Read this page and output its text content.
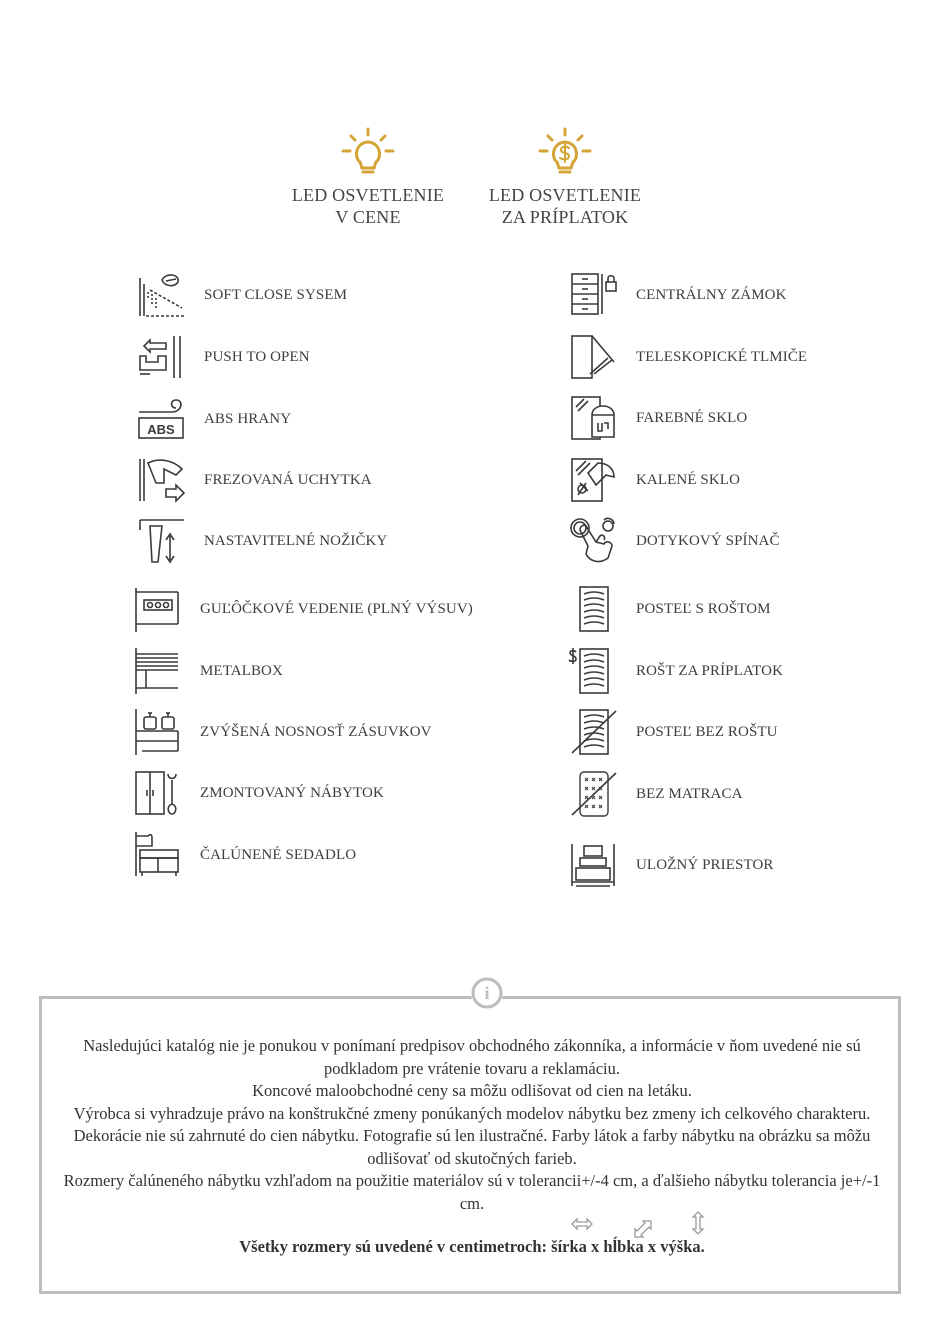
LED OSVETLENIE
V CENE
LED OSVETLENIE
ZA PRÍPLATOK
SOFT CLOSE SYSEM
PUSH TO OPEN
ABS
ABS HRANY
FREZOVANÁ UCHYTKA
NASTAVITELNÉ NOŽIČKY
GUĽÔČKOVÉ VEDENIE (PLNÝ VÝSUV)
METALBOX
ZVÝŠENÁ NOSNOSŤ ZÁSUVKOV
ZMONTOVANÝ NÁBYTOK
ČALÚNENÉ SEDADLO
CENTRÁLNY ZÁMOK
TELESKOPICKÉ TLMIČE
FAREBNÉ SKLO
KALENÉ SKLO
DOTYKOVÝ SPÍNAČ
POSTEĽ S ROŠTOM
ROŠT ZA PRÍPLATOK
POSTEĽ BEZ ROŠTU
BEZ MATRACA
ULOŽNÝ PRIESTOR
i

Nasledujúci katalóg nie je ponukou v ponímaní predpisov obchodného zákonníka, a informácie v ňom uvedené nie sú podkladom pre vrátenie tovaru a reklamáciu.

Koncové maloobchodné ceny sa môžu odlišovat od cien na letáku.

Výrobca si vyhradzuje právo na konštrukčné zmeny ponúkaných modelov nábytku bez zmeny ich celkového charakteru. Dekorácie nie sú zahrnuté do cien nábytku. Fotografie sú len ilustračné. Farby látok a farby nábytku na obrázku sa môžu odlišovať od skutočných farieb.

Rozmery čalúneného nábytku vzhľadom na použitie materiálov sú v tolerancii+/-4 cm, a ďalšieho nábytku tolerancia je+/-1 cm.

Všetky rozmery sú uvedené v centimetroch: šírka x hĺbka x výška.
